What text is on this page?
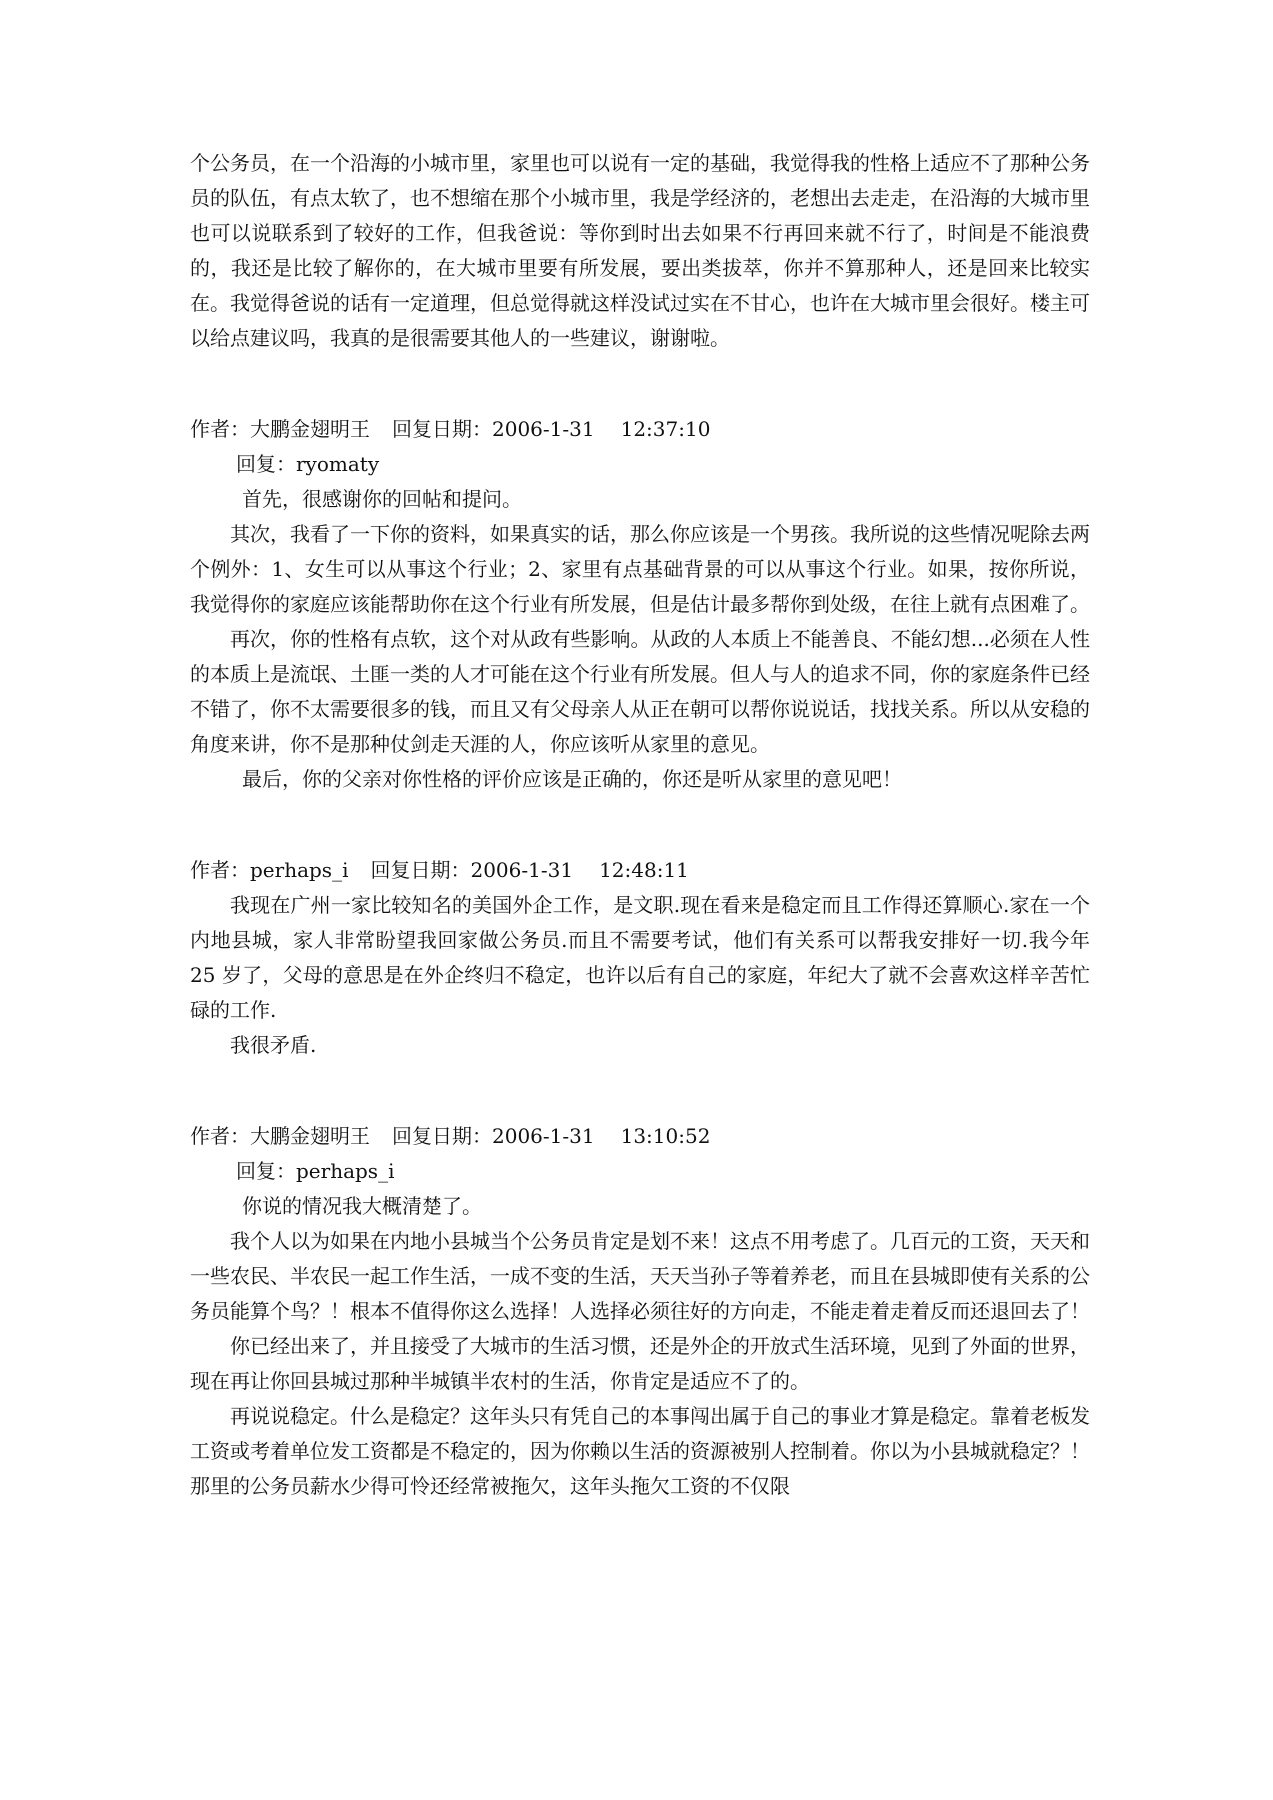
个公务员，在一个沿海的小城市里，家里也可以说有一定的基础，我觉得我的性格上适应不了那种公务员的队伍，有点太软了，也不想缩在那个小城市里，我是学经济的，老想出去走走，在沿海的大城市里也可以说联系到了较好的工作，但我爸说：等你到时出去如果不行再回来就不行了，时间是不能浪费的，我还是比较了解你的，在大城市里要有所发展，要出类拔萃，你并不算那种人，还是回来比较实在。我觉得爸说的话有一定道理，但总觉得就这样没试过实在不甘心，也许在大城市里会很好。楼主可以给点建议吗，我真的是很需要其他人的一些建议，谢谢啦。

作者：大鹏金翅明王 回复日期：2006-1-31 12:37:10

回复：ryomaty

首先，很感谢你的回帖和提问。

其次，我看了一下你的资料，如果真实的话，那么你应该是一个男孩。我所说的这些情况呢除去两个例外：1、女生可以从事这个行业；2、家里有点基础背景的可以从事这个行业。如果，按你所说，我觉得你的家庭应该能帮助你在这个行业有所发展，但是估计最多帮你到处级，在往上就有点困难了。

再次，你的性格有点软，这个对从政有些影响。从政的人本质上不能善良、不能幻想...必须在人性的本质上是流氓、土匪一类的人才可能在这个行业有所发展。但人与人的追求不同，你的家庭条件已经不错了，你不太需要很多的钱，而且又有父母亲人从正在朝可以帮你说说话，找找关系。所以从安稳的角度来讲，你不是那种仗剑走天涯的人，你应该听从家里的意见。

最后，你的父亲对你性格的评价应该是正确的，你还是听从家里的意见吧！

作者：perhaps_i 回复日期：2006-1-31 12:48:11

我现在广州一家比较知名的美国外企工作，是文职.现在看来是稳定而且工作得还算顺心.家在一个内地县城，家人非常盼望我回家做公务员.而且不需要考试，他们有关系可以帮我安排好一切.我今年 25 岁了，父母的意思是在外企终归不稳定，也许以后有自己的家庭，年纪大了就不会喜欢这样辛苦忙碌的工作.

我很矛盾.

作者：大鹏金翅明王 回复日期：2006-1-31 13:10:52

回复：perhaps_i

你说的情况我大概清楚了。

我个人以为如果在内地小县城当个公务员肯定是划不来！这点不用考虑了。几百元的工资，天天和一些农民、半农民一起工作生活，一成不变的生活，天天当孙子等着养老，而且在县城即使有关系的公务员能算个鸟？！根本不值得你这么选择！人选择必须往好的方向走，不能走着走着反而还退回去了！

你已经出来了，并且接受了大城市的生活习惯，还是外企的开放式生活环境，见到了外面的世界，现在再让你回县城过那种半城镇半农村的生活，你肯定是适应不了的。

再说说稳定。什么是稳定？这年头只有凭自己的本事闯出属于自己的事业才算是稳定。靠着老板发工资或考着单位发工资都是不稳定的，因为你赖以生活的资源被别人控制着。你以为小县城就稳定？！那里的公务员薪水少得可怜还经常被拖欠，这年头拖欠工资的不仅限
